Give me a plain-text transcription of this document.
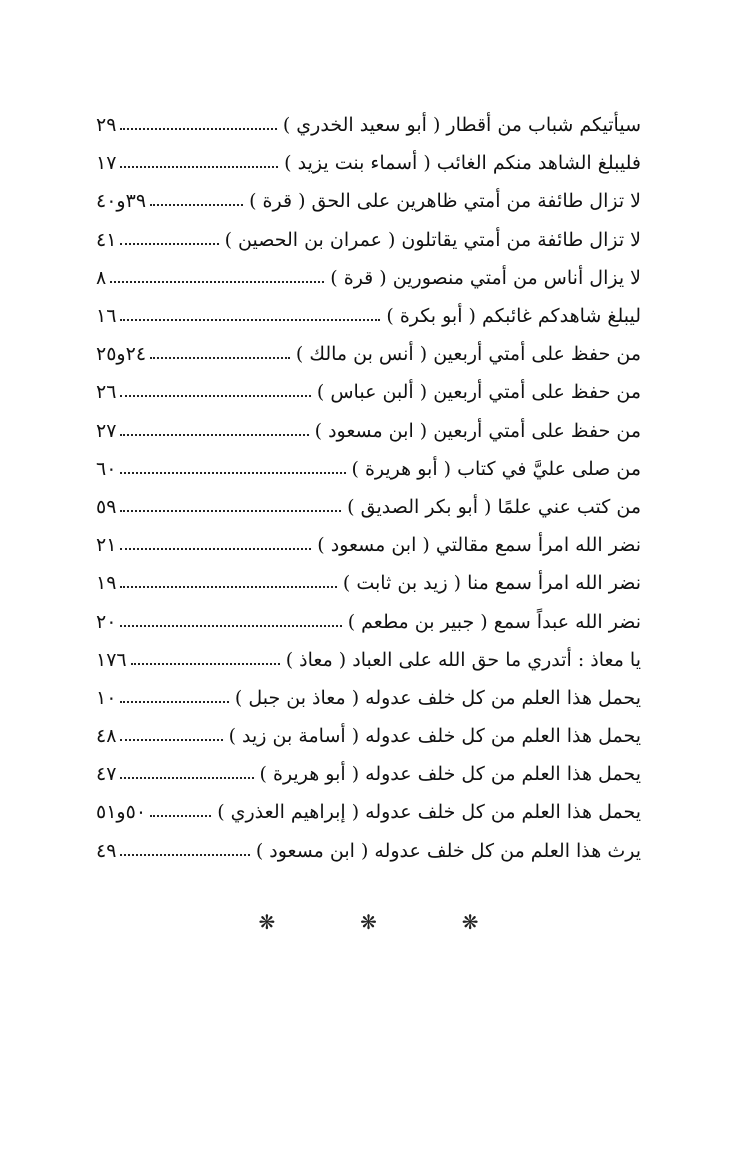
سيأتيكم شباب من أقطار ( أبو سعيد الخدري )
٢٩
فليبلغ الشاهد منكم الغائب ( أسماء بنت يزيد )
١٧
لا تزال طائفة من أمتي ظاهرين على الحق ( قرة )
٣٩و٤٠
لا تزال طائفة من أمتي يقاتلون ( عمران بن الحصين )
٤١
لا يزال أناس من أمتي منصورين ( قرة )
٨
ليبلغ شاهدكم غائبكم ( أبو بكرة )
١٦
من حفظ على أمتي أربعين ( أنس بن مالك )
٢٤و٢٥
من حفظ على أمتي أربعين ( ألبن عباس )
٢٦
من حفظ على أمتي أربعين ( ابن مسعود )
٢٧
من صلى عليَّ في كتاب ( أبو هريرة )
٦٠
من كتب عني علمًا ( أبو بكر الصديق )
٥٩
نضر الله امرأ سمع مقالتي ( ابن مسعود )
٢١
نضر الله امرأ سمع منا ( زيد بن ثابت )
١٩
نضر الله عبداً سمع ( جبير بن مطعم )
٢٠
يا معاذ : أتدري ما حق الله على العباد ( معاذ )
١٧٦
يحمل هذا العلم من كل خلف عدوله ( معاذ بن جبل )
١٠
يحمل هذا العلم من كل خلف عدوله ( أسامة بن زيد )
٤٨
يحمل هذا العلم من كل خلف عدوله ( أبو هريرة )
٤٧
يحمل هذا العلم من كل خلف عدوله ( إبراهيم العذري )
٥٠و٥١
يرث هذا العلم من كل خلف عدوله ( ابن مسعود )
٤٩
❋	❋	❋
